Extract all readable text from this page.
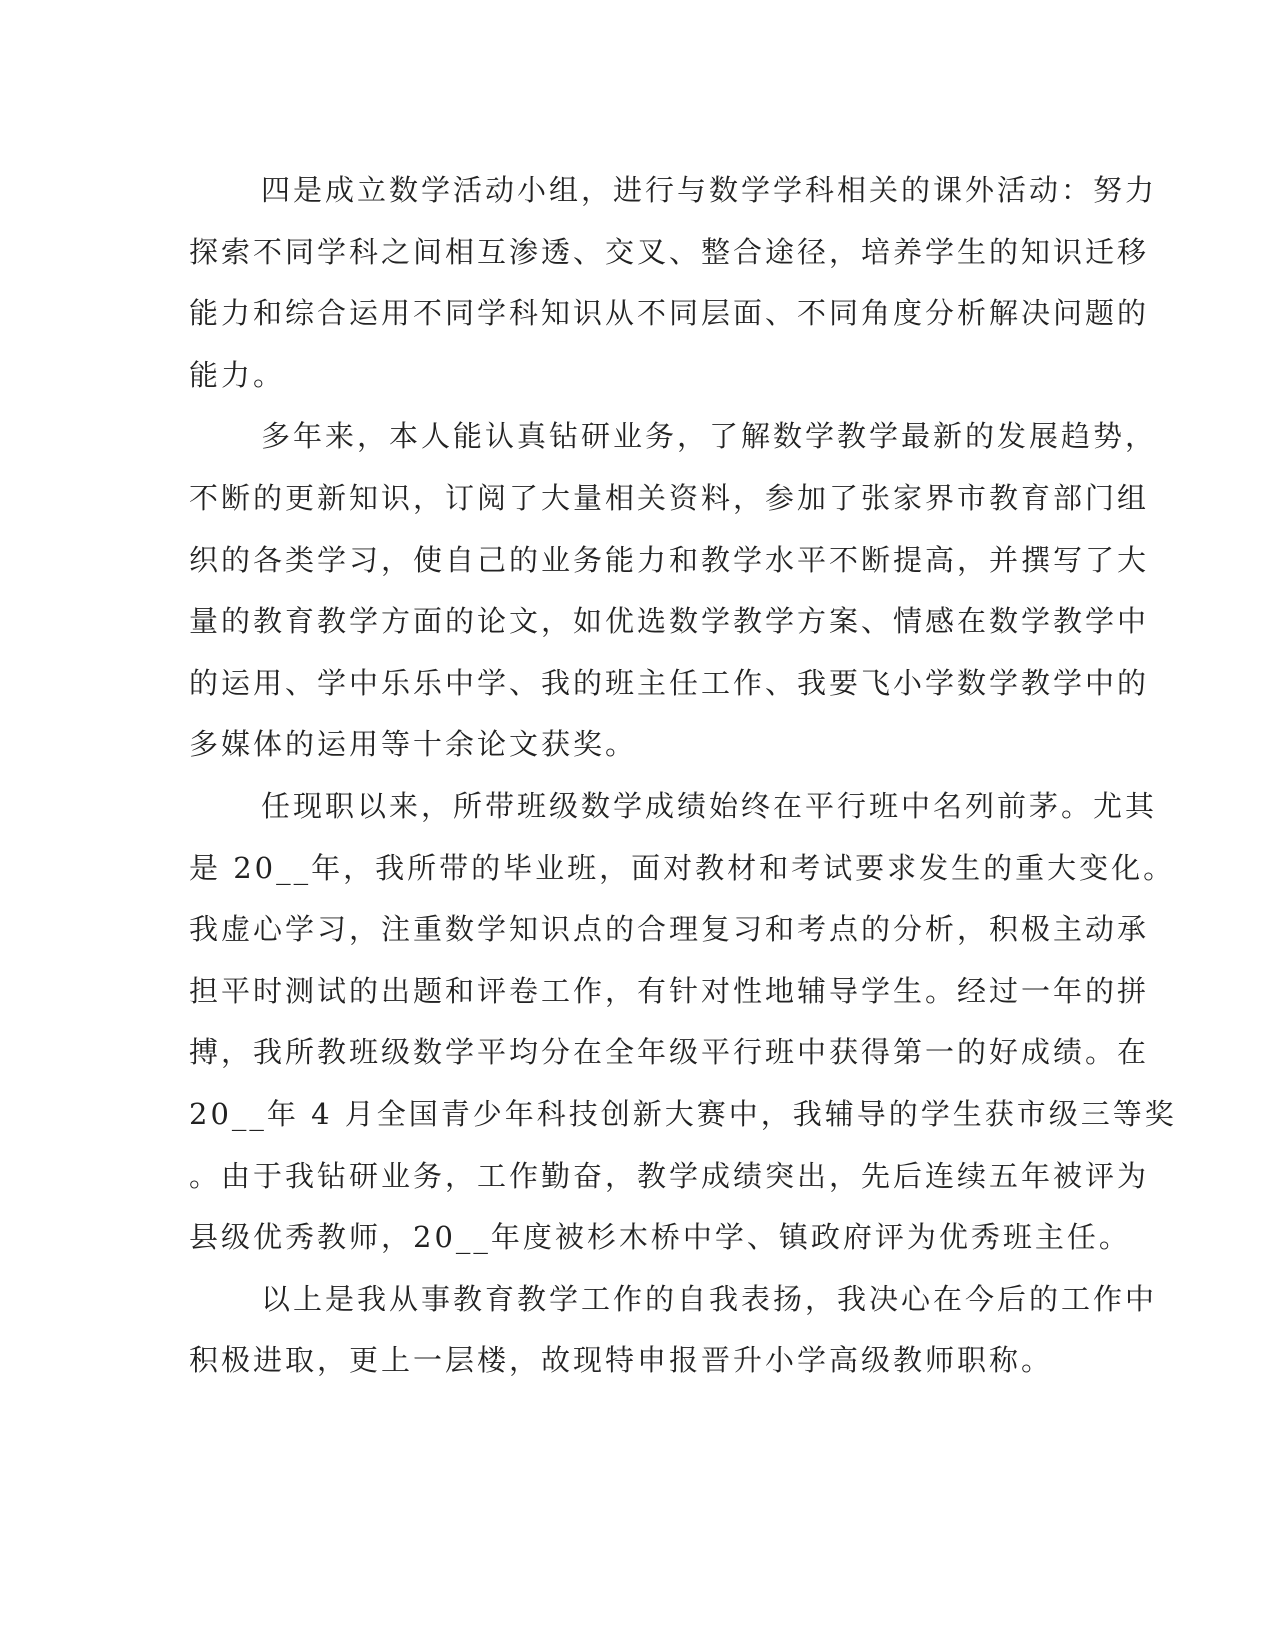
四是成立数学活动小组，进行与数学学科相关的课外活动：努力
探索不同学科之间相互渗透、交叉、整合途径，培养学生的知识迁移
能力和综合运用不同学科知识从不同层面、不同角度分析解决问题的
能力。
多年来，本人能认真钻研业务，了解数学教学最新的发展趋势，
不断的更新知识，订阅了大量相关资料，参加了张家界市教育部门组
织的各类学习，使自己的业务能力和教学水平不断提高，并撰写了大
量的教育教学方面的论文，如优选数学教学方案、情感在数学教学中
的运用、学中乐乐中学、我的班主任工作、我要飞小学数学教学中的
多媒体的运用等十余论文获奖。
任现职以来，所带班级数学成绩始终在平行班中名列前茅。尤其
是 20__年，我所带的毕业班，面对教材和考试要求发生的重大变化。
我虚心学习，注重数学知识点的合理复习和考点的分析，积极主动承
担平时测试的出题和评卷工作，有针对性地辅导学生。经过一年的拼
搏，我所教班级数学平均分在全年级平行班中获得第一的好成绩。在
20__年 4 月全国青少年科技创新大赛中，我辅导的学生获市级三等奖
。由于我钻研业务，工作勤奋，教学成绩突出，先后连续五年被评为
县级优秀教师，20__年度被杉木桥中学、镇政府评为优秀班主任。
以上是我从事教育教学工作的自我表扬，我决心在今后的工作中
积极进取，更上一层楼，故现特申报晋升小学高级教师职称。
